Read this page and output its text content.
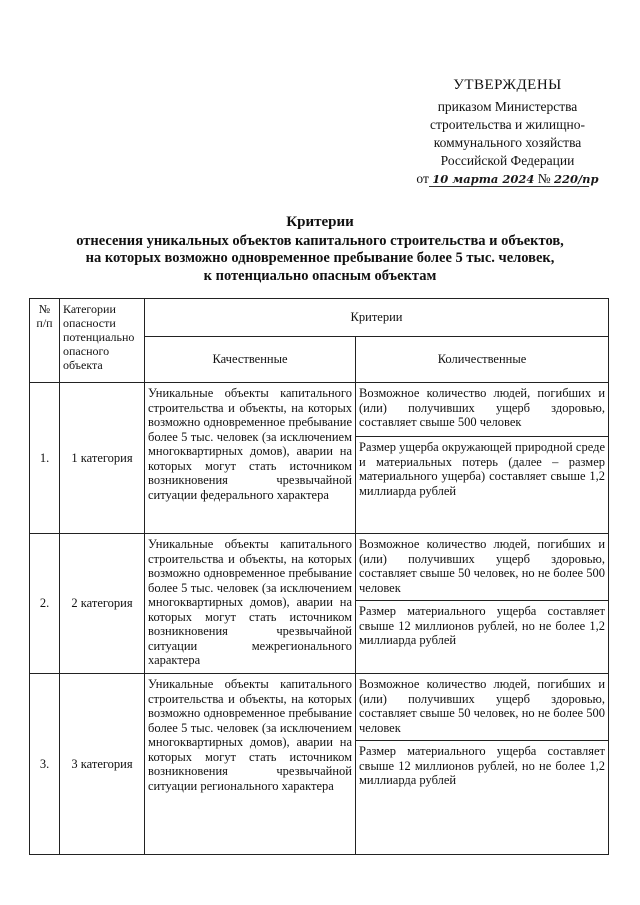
УТВЕРЖДЕНЫ
приказом Министерства
строительства и жилищно-
коммунального хозяйства
Российской Федерации
от 10 марта 2024 № 220/пр
Критерии
отнесения уникальных объектов капитального строительства и объектов,
на которых возможно одновременное пребывание более 5 тыс. человек,
к потенциально опасным объектам
№ п/п	Категории опасности потенциально опасного объекта	Критерии	
		Качественные	Количественные
1.	1 категория	Уникальные объекты капитального строительства и объекты, на которых возможно одновременное пребывание более 5 тыс. человек (за исключением многоквартирных домов), аварии на которых могут стать источником возникновения чрезвычайной ситуации федерального характера	Возможное количество людей, погибших и (или) получивших ущерб здоровью, составляет свыше 500 человек
			Размер ущерба окружающей природной среде и материальных потерь (далее – размер материального ущерба) составляет свыше 1,2 миллиарда рублей
2.	2 категория	Уникальные объекты капитального строительства и объекты, на которых возможно одновременное пребывание более 5 тыс. человек (за исключением многоквартирных домов), аварии на которых могут стать источником возникновения чрезвычайной ситуации межрегионального характера	Возможное количество людей, погибших и (или) получивших ущерб здоровью, составляет свыше 50 человек, но не более 500 человек
			Размер материального ущерба составляет свыше 12 миллионов рублей, но не более 1,2 миллиарда рублей
3.	3 категория	Уникальные объекты капитального строительства и объекты, на которых возможно одновременное пребывание более 5 тыс. человек (за исключением многоквартирных домов), аварии на которых могут стать источником возникновения чрезвычайной ситуации регионального характера	Возможное количество людей, погибших и (или) получивших ущерб здоровью, составляет свыше 50 человек, но не более 500 человек
			Размер материального ущерба составляет свыше 12 миллионов рублей, но не более 1,2 миллиарда рублей
